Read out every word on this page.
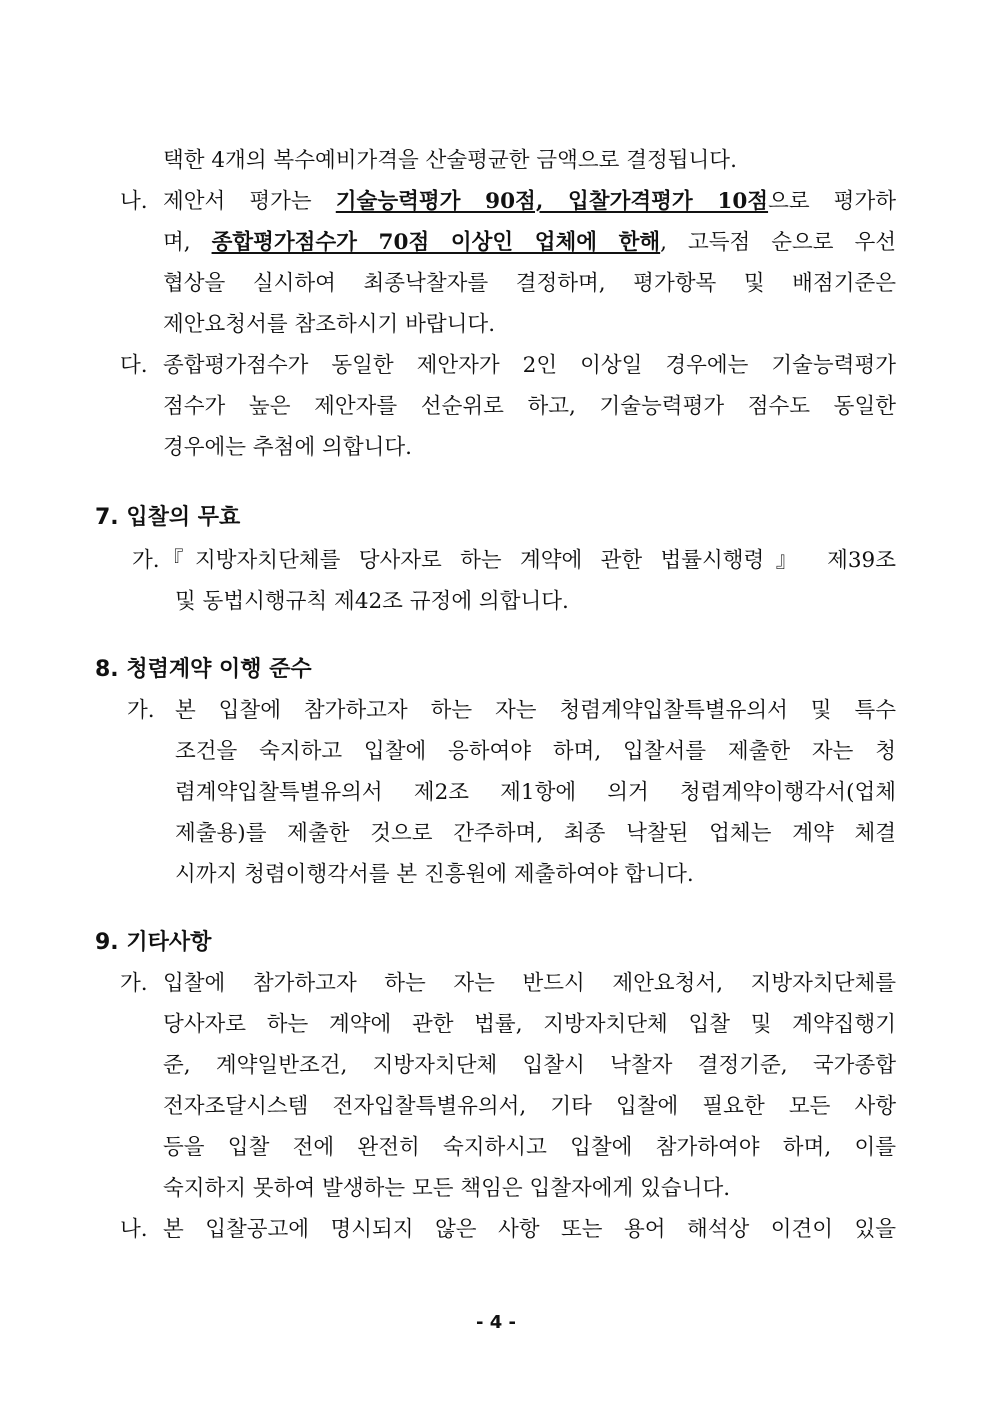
택한 4개의 복수예비가격을 산술평균한 금액으로 결정됩니다.
나. 제안서 평가는 기술능력평가 90점, 입찰가격평가 10점으로 평가하
며, 종합평가점수가 70점 이상인 업체에 한해, 고득점 순으로 우선
협상을 실시하여 최종낙찰자를 결정하며, 평가항목 및 배점기준은
제안요청서를 참조하시기 바랍니다.
다. 종합평가점수가 동일한 제안자가 2인 이상일 경우에는 기술능력평가
점수가 높은 제안자를 선순위로 하고, 기술능력평가 점수도 동일한
경우에는 추첨에 의합니다.
7. 입찰의 무효
가. 『지방자치단체를 당사자로 하는 계약에 관한 법률시행령』 제39조
및 동법시행규칙 제42조 규정에 의합니다.
8. 청렴계약 이행 준수
가. 본 입찰에 참가하고자 하는 자는 청렴계약입찰특별유의서 및 특수
조건을 숙지하고 입찰에 응하여야 하며, 입찰서를 제출한 자는 청
렴계약입찰특별유의서 제2조 제1항에 의거 청렴계약이행각서(업체
제출용)를 제출한 것으로 간주하며, 최종 낙찰된 업체는 계약 체결
시까지 청렴이행각서를 본 진흥원에 제출하여야 합니다.
9. 기타사항
가. 입찰에 참가하고자 하는 자는 반드시 제안요청서, 지방자치단체를
당사자로 하는 계약에 관한 법률, 지방자치단체 입찰 및 계약집행기
준, 계약일반조건, 지방자치단체 입찰시 낙찰자 결정기준, 국가종합
전자조달시스템 전자입찰특별유의서, 기타 입찰에 필요한 모든 사항
등을 입찰 전에 완전히 숙지하시고 입찰에 참가하여야 하며, 이를
숙지하지 못하여 발생하는 모든 책임은 입찰자에게 있습니다.
나. 본 입찰공고에 명시되지 않은 사항 또는 용어 해석상 이견이 있을
- 4 -
